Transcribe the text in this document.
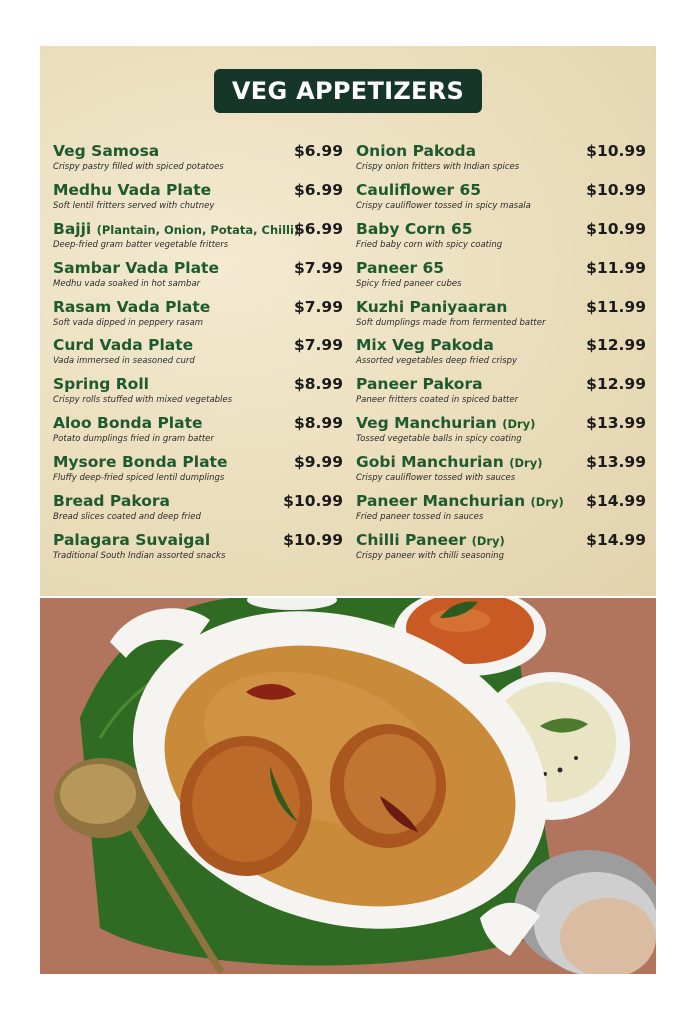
VEG APPETIZERS
Veg Samosa
Crispy pastry filled with spiced potatoes
$6.99
Medhu Vada Plate
Soft lentil fritters served with chutney
$6.99
Bajji (Plantain, Onion, Potata, Chilli)
Deep-fried gram batter vegetable fritters
$6.99
Sambar Vada Plate
Medhu vada soaked in hot sambar
$7.99
Rasam Vada Plate
Soft vada dipped in peppery rasam
$7.99
Curd Vada Plate
Vada immersed in seasoned curd
$7.99
Spring Roll
Crispy rolls stuffed with mixed vegetables
$8.99
Aloo Bonda Plate
Potato dumplings fried in gram batter
$8.99
Mysore Bonda Plate
Fluffy deep-fried spiced lentil dumplings
$9.99
Bread Pakora
Bread slices coated and deep fried
$10.99
Palagara Suvaigal
Traditional South Indian assorted snacks
$10.99
Onion Pakoda
Crispy onion fritters with Indian spices
$10.99
Cauliflower 65
Crispy cauliflower tossed in spicy masala
$10.99
Baby Corn 65
Fried baby corn with spicy coating
$10.99
Paneer 65
Spicy fried paneer cubes
$11.99
Kuzhi Paniyaaran
Soft dumplings made from fermented batter
$11.99
Mix Veg Pakoda
Assorted vegetables deep fried crispy
$12.99
Paneer Pakora
Paneer fritters coated in spiced batter
$12.99
Veg Manchurian (Dry)
Tossed vegetable balls in spicy coating
$13.99
Gobi Manchurian (Dry)
Crispy cauliflower tossed with sauces
$13.99
Paneer Manchurian (Dry)
Fried paneer tossed in sauces
$14.99
Chilli Paneer (Dry)
Crispy paneer with chilli seasoning
$14.99
